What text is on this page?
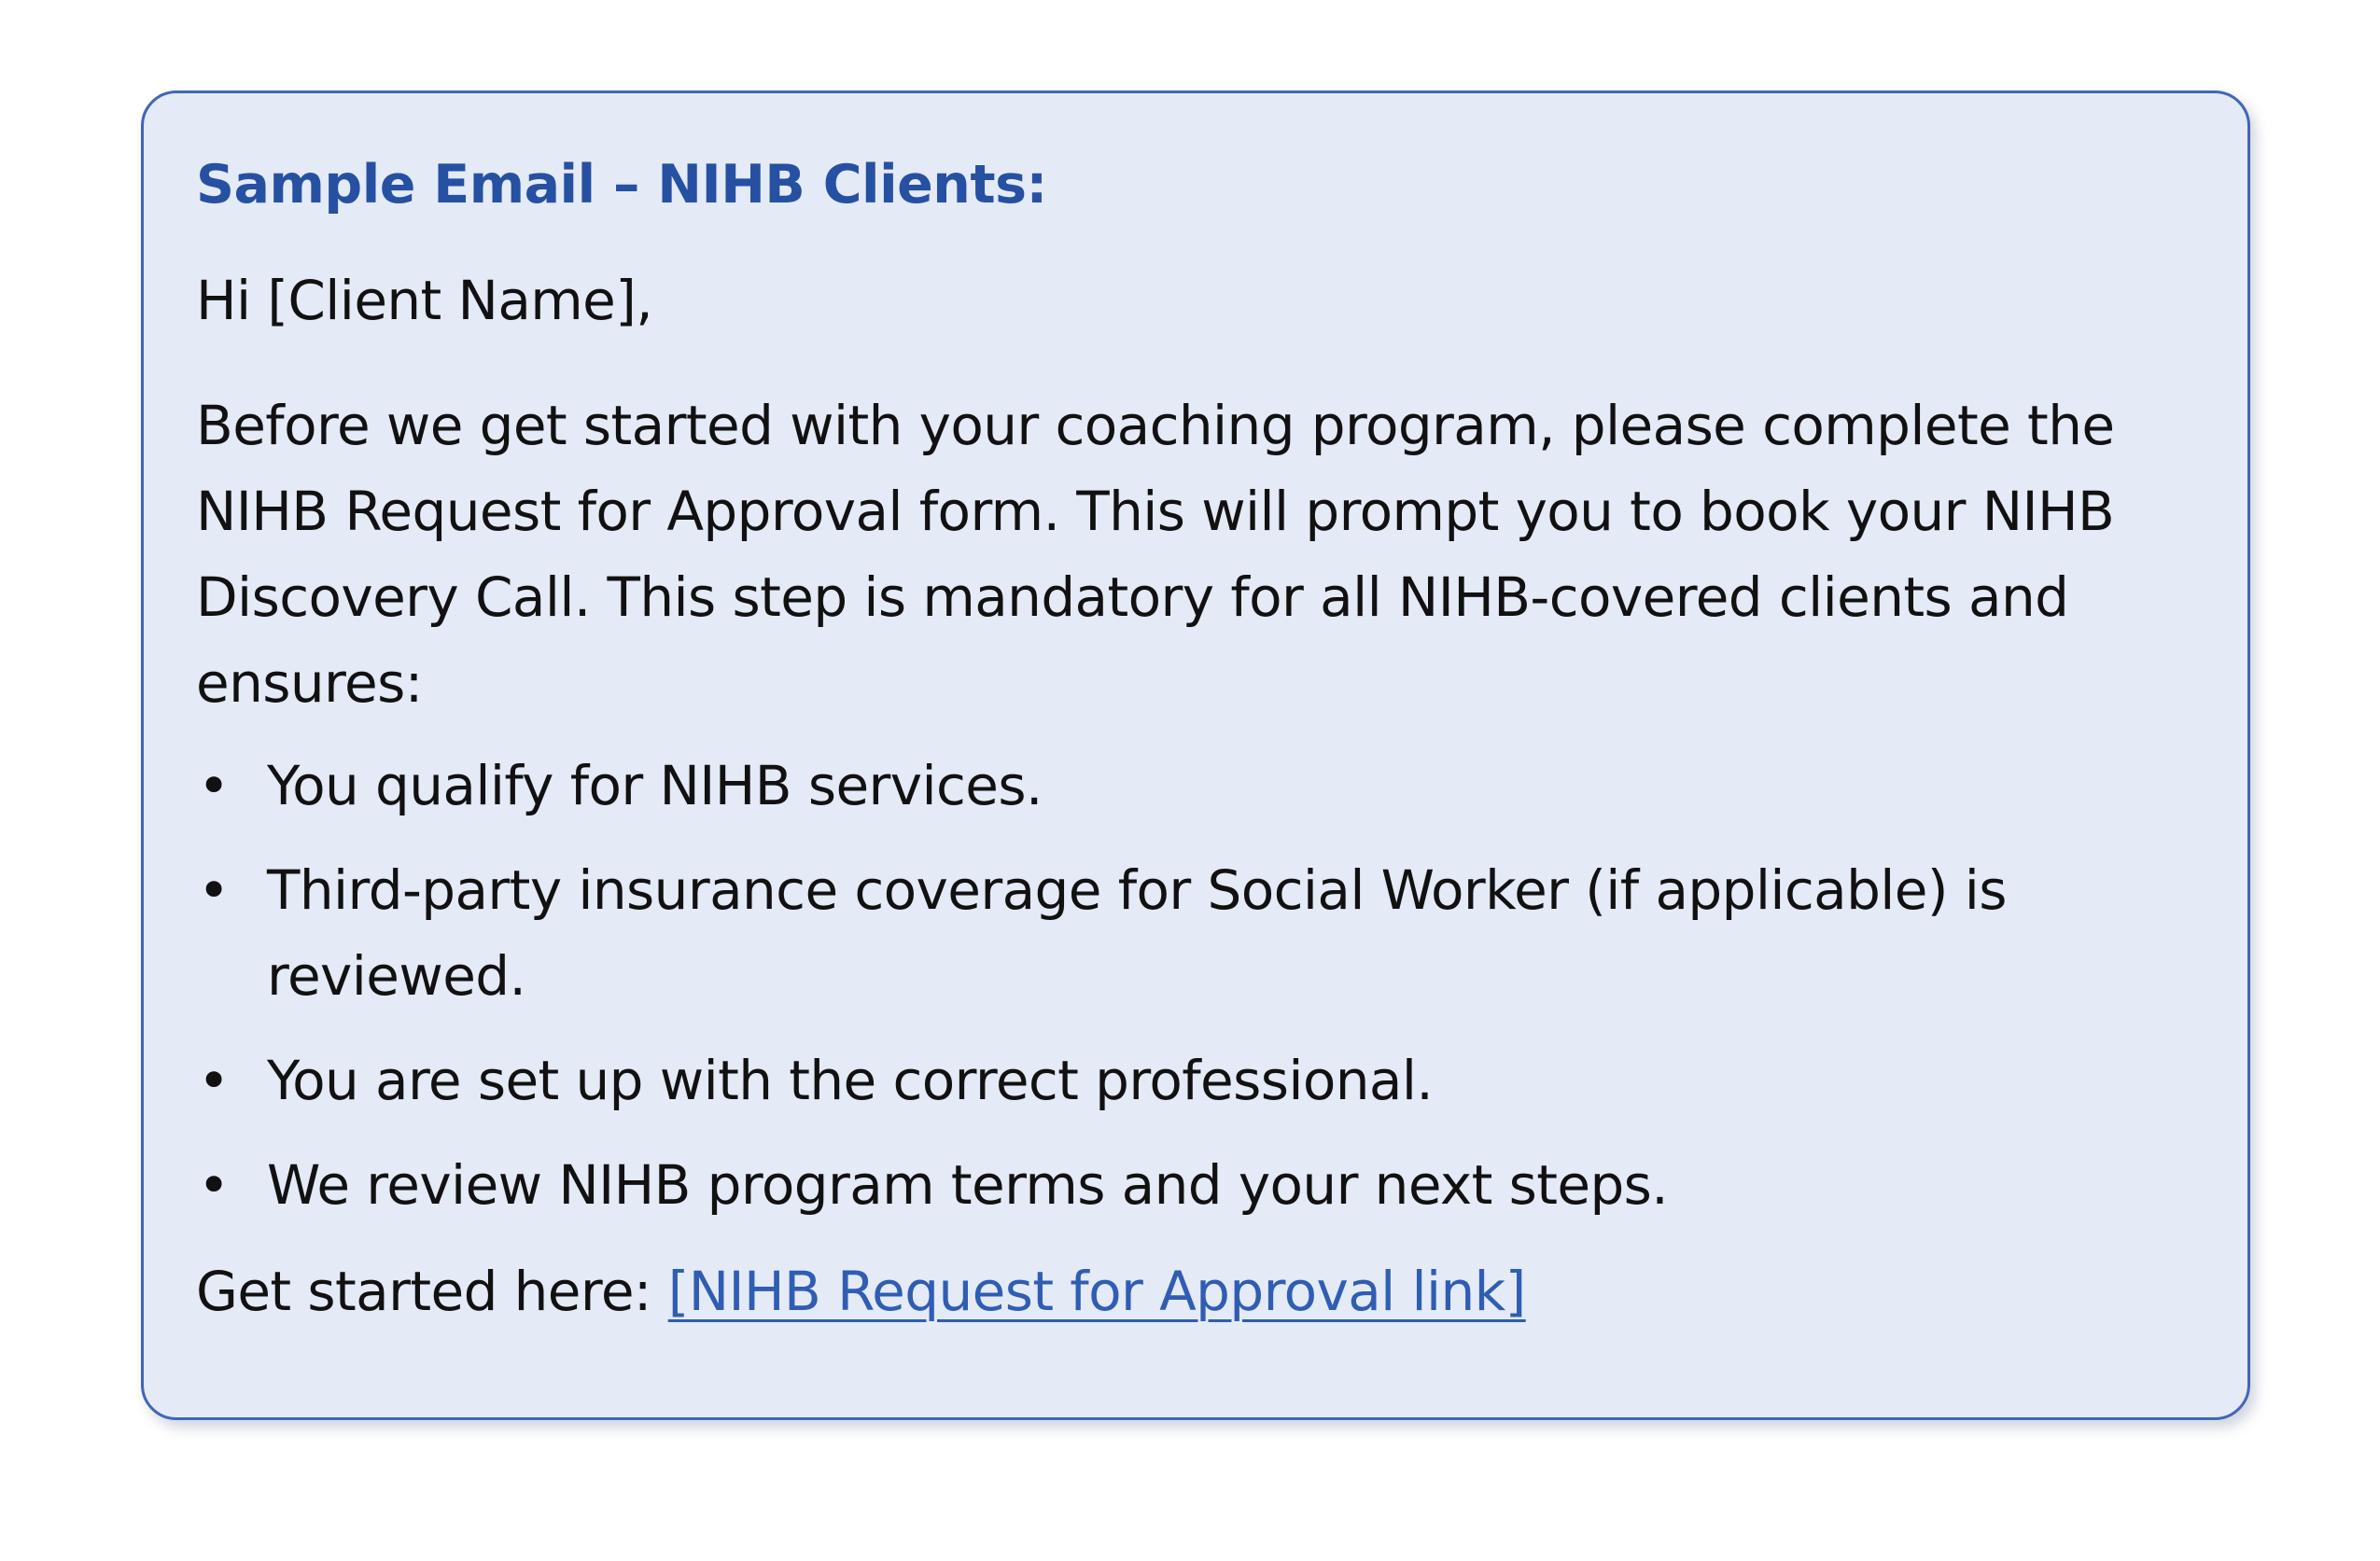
Sample Email – NIHB Clients:

Hi [Client Name],

Before we get started with your coaching program, please complete the NIHB Request for Approval form. This will prompt you to book your NIHB Discovery Call. This step is mandatory for all NIHB-covered clients and ensures:

• You qualify for NIHB services.
• Third-party insurance coverage for Social Worker (if applicable) is reviewed.
• You are set up with the correct professional.
• We review NIHB program terms and your next steps.

Get started here: [NIHB Request for Approval link]
